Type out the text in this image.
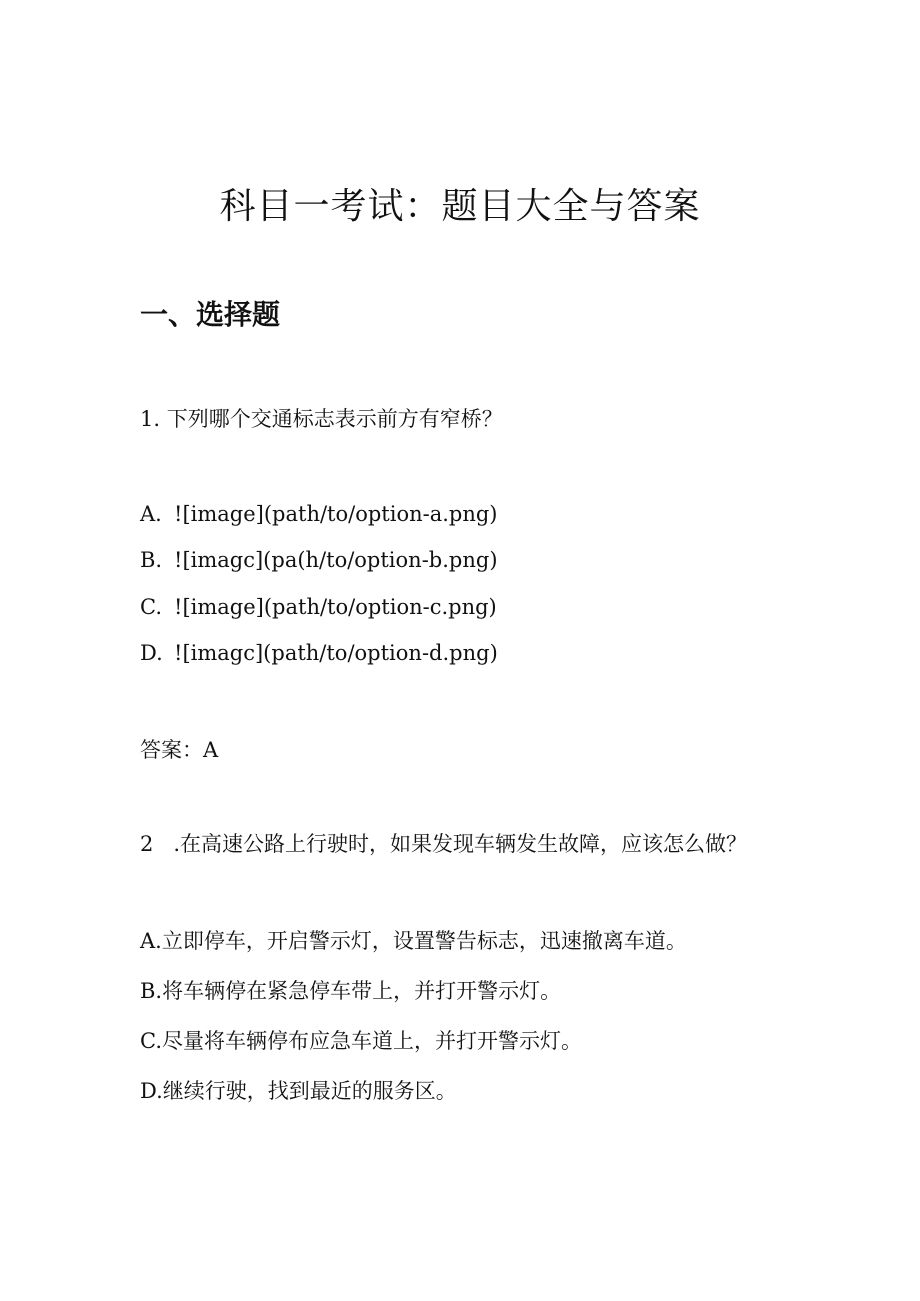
科目一考试：题目大全与答案
一、选择题
1. 下列哪个交通标志表示前方有窄桥？
A. ![image](path/to/option-a.png)
B. ![imagc](pa(h/to/option-b.png)
C. ![image](path/to/option-c.png)
D. ![imagc](path/to/option-d.png)
答案：A
2   .在高速公路上行驶时，如果发现车辆发生故障，应该怎么做？
A.立即停车，开启警示灯，设置警告标志，迅速撤离车道。
B.将车辆停在紧急停车带上，并打开警示灯。
C.尽量将车辆停布应急车道上，并打开警示灯。
D.继续行驶，找到最近的服务区。
